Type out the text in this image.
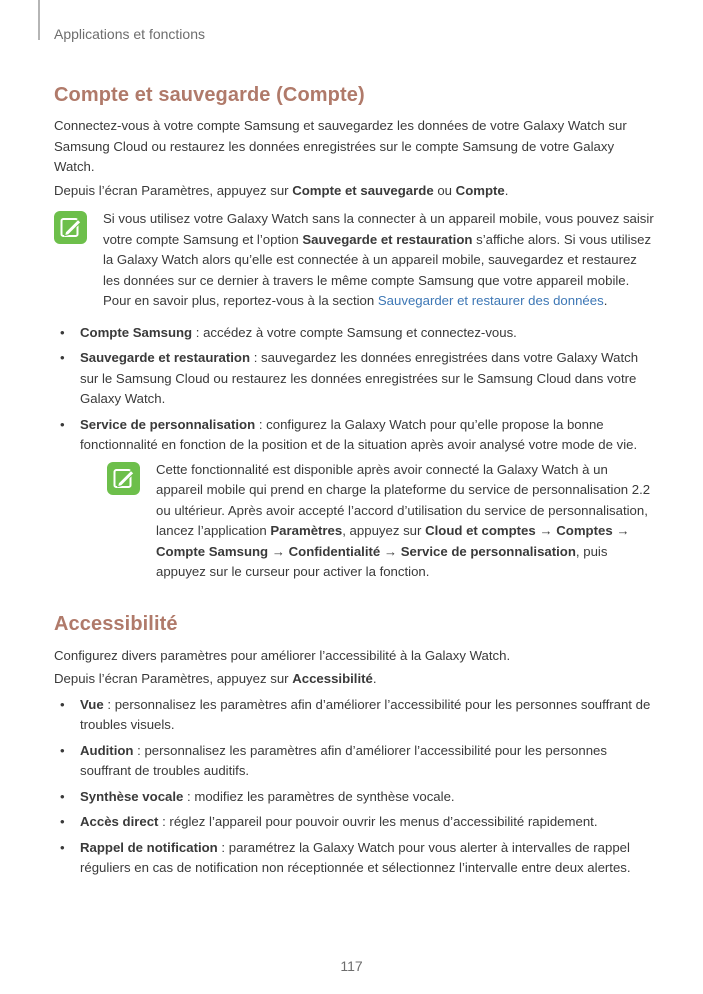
Applications et fonctions
Compte et sauvegarde (Compte)

Connectez-vous à votre compte Samsung et sauvegardez les données de votre Galaxy Watch sur Samsung Cloud ou restaurez les données enregistrées sur le compte Samsung de votre Galaxy Watch.

Depuis l’écran Paramètres, appuyez sur Compte et sauvegarde ou Compte.

Si vous utilisez votre Galaxy Watch sans la connecter à un appareil mobile, vous pouvez saisir votre compte Samsung et l’option Sauvegarde et restauration s’affiche alors. Si vous utilisez la Galaxy Watch alors qu’elle est connectée à un appareil mobile, sauvegardez et restaurez les données sur ce dernier à travers le même compte Samsung que votre appareil mobile. Pour en savoir plus, reportez-vous à la section Sauvegarder et restaurer des données.

• Compte Samsung : accédez à votre compte Samsung et connectez-vous.
• Sauvegarde et restauration : sauvegardez les données enregistrées dans votre Galaxy Watch sur le Samsung Cloud ou restaurez les données enregistrées sur le Samsung Cloud dans votre Galaxy Watch.
• Service de personnalisation : configurez la Galaxy Watch pour qu’elle propose la bonne fonctionnalité en fonction de la position et de la situation après avoir analysé votre mode de vie.

Cette fonctionnalité est disponible après avoir connecté la Galaxy Watch à un appareil mobile qui prend en charge la plateforme du service de personnalisation 2.2 ou ultérieur. Après avoir accepté l’accord d’utilisation du service de personnalisation, lancez l’application Paramètres, appuyez sur Cloud et comptes → Comptes → Compte Samsung → Confidentialité → Service de personnalisation, puis appuyez sur le curseur pour activer la fonction.

Accessibilité

Configurez divers paramètres pour améliorer l’accessibilité à la Galaxy Watch.

Depuis l’écran Paramètres, appuyez sur Accessibilité.

• Vue : personnalisez les paramètres afin d’améliorer l’accessibilité pour les personnes souffrant de troubles visuels.
• Audition : personnalisez les paramètres afin d’améliorer l’accessibilité pour les personnes souffrant de troubles auditifs.
• Synthèse vocale : modifiez les paramètres de synthèse vocale.
• Accès direct : réglez l’appareil pour pouvoir ouvrir les menus d’accessibilité rapidement.
• Rappel de notification : paramétrez la Galaxy Watch pour vous alerter à intervalles de rappel réguliers en cas de notification non réceptionnée et sélectionnez l’intervalle entre deux alertes.
117
